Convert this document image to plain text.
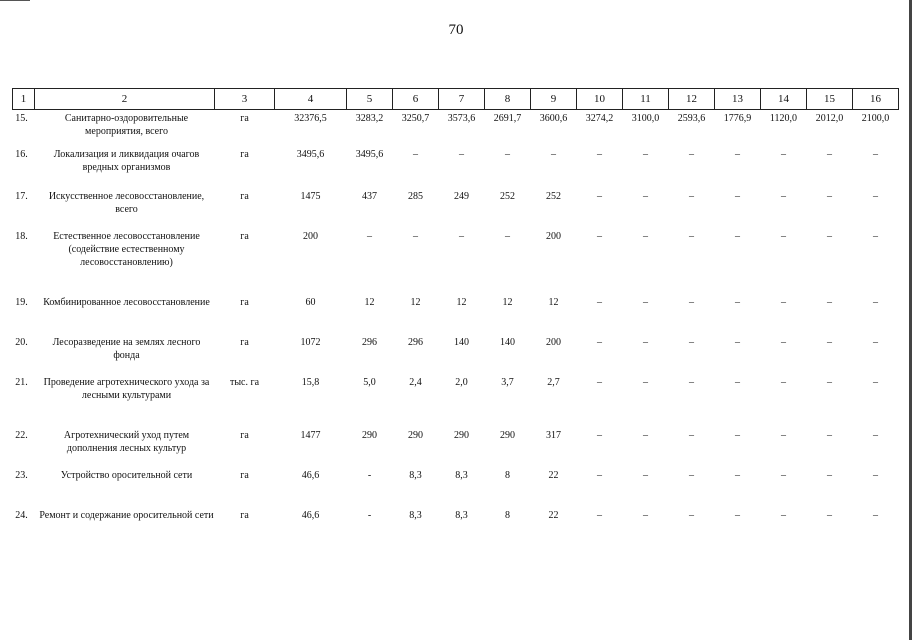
70
1	2	3	4	5	6	7	8	9	10	11	12	13	14	15	16
15.	Санитарно-оздоровительные мероприятия, всего	га	32376,5	3283,2	3250,7	3573,6	2691,7	3600,6	3274,2	3100,0	2593,6	1776,9	1120,0	2012,0	2100,0
16.	Локализация и ликвидация очагов вредных организмов	га	3495,6	3495,6	–	–	–	–	–	–	–	–	–	–	–
17.	Искусственное лесовосстановление, всего	га	1475	437	285	249	252	252	–	–	–	–	–	–	–
18.	Естественное лесовосстановление (содействие естественному лесовосстановлению)	га	200	–	–	–	–	200	–	–	–	–	–	–	–
19.	Комбинированное лесовосстановление	га	60	12	12	12	12	12	–	–	–	–	–	–	–
20.	Лесоразведение на землях лесного фонда	га	1072	296	296	140	140	200	–	–	–	–	–	–	–
21.	Проведение агротехнического ухода за лесными культурами	тыс. га	15,8	5,0	2,4	2,0	3,7	2,7	–	–	–	–	–	–	–
22.	Агротехнический уход путем дополнения лесных культур	га	1477	290	290	290	290	317	–	–	–	–	–	–	–
23.	Устройство оросительной сети	га	46,6	-	8,3	8,3	8	22	–	–	–	–	–	–	–
24.	Ремонт и содержание оросительной сети	га	46,6	-	8,3	8,3	8	22	–	–	–	–	–	–	–
